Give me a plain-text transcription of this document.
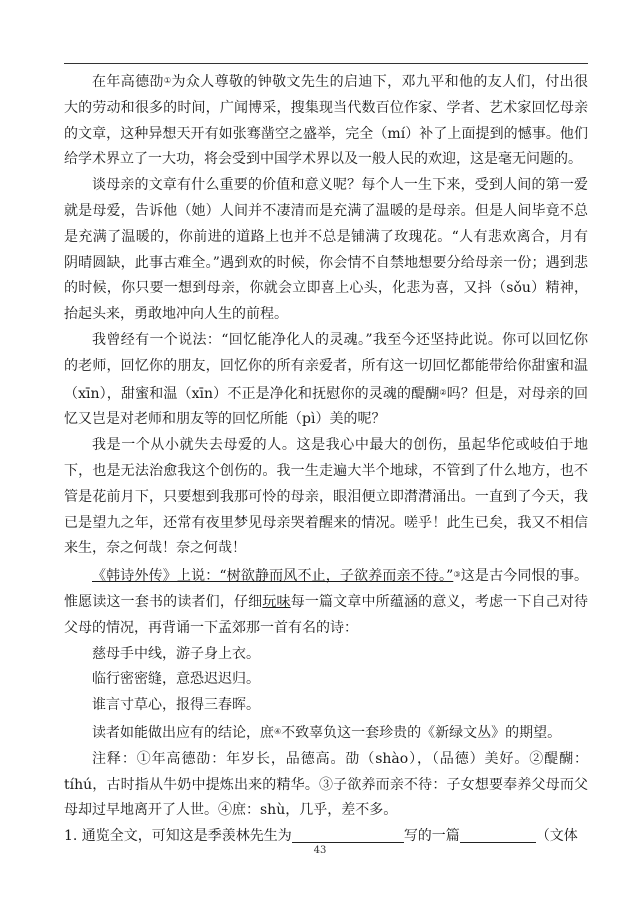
在年高德劭①为众人尊敬的钟敬文先生的启迪下，邓九平和他的友人们，付出很大的劳动和很多的时间，广闻博采，搜集现当代数百位作家、学者、艺术家回忆母亲的文章，这种异想天开有如张骞凿空之盛举，完全（mí）补了上面提到的憾事。他们给学术界立了一大功，将会受到中国学术界以及一般人民的欢迎，这是毫无问题的。

谈母亲的文章有什么重要的价值和意义呢？每个人一生下来，受到人间的第一爱就是母爱，告诉他（她）人间并不凄清而是充满了温暖的是母亲。但是人间毕竟不总是充满了温暖的，你前进的道路上也并不总是铺满了玫瑰花。“人有悲欢离合，月有阴晴圆缺，此事古难全。”遇到欢的时候，你会情不自禁地想要分给母亲一份；遇到悲的时候，你只要一想到母亲，你就会立即喜上心头，化悲为喜，又抖（sǒu）精神，抬起头来，勇敢地冲向人生的前程。

我曾经有一个说法：“回忆能净化人的灵魂。”我至今还坚持此说。你可以回忆你的老师，回忆你的朋友，回忆你的所有亲爱者，所有这一切回忆都能带给你甜蜜和温（xīn），甜蜜和温（xīn）不正是净化和抚慰你的灵魂的醍醐②吗？但是，对母亲的回忆又岂是对老师和朋友等的回忆所能（pì）美的呢？

我是一个从小就失去母爱的人。这是我心中最大的创伤，虽起华佗或岐伯于地下，也是无法治愈我这个创伤的。我一生走遍大半个地球，不管到了什么地方，也不管是花前月下，只要想到我那可怜的母亲，眼泪便立即潸潸涌出。一直到了今天，我已是望九之年，还常有夜里梦见母亲哭着醒来的情况。嗟乎！此生已矣，我又不相信来生，奈之何哉！奈之何哉！

《韩诗外传》上说：“树欲静而风不止，子欲养而亲不待。”③这是古今同恨的事。惟愿读这一套书的读者们，仔细玩味每一篇文章中所蕴涵的意义，考虑一下自己对待父母的情况，再背诵一下孟郊那一首有名的诗：

慈母手中线，游子身上衣。

临行密密缝，意恐迟迟归。

谁言寸草心，报得三春晖。

读者如能做出应有的结论，庶④不致辜负这一套珍贵的《新绿文丛》的期望。

注释：①年高德劭：年岁长，品德高。劭（shào），（品德）美好。②醍醐：tíhú，古时指从牛奶中提炼出来的精华。③子欲养而亲不待：子女想要奉养父母而父母却过早地离开了人世。④庶：shù，几乎，差不多。

1. 通览全文，可知这是季羡林先生为	写的一篇	（文体
43
